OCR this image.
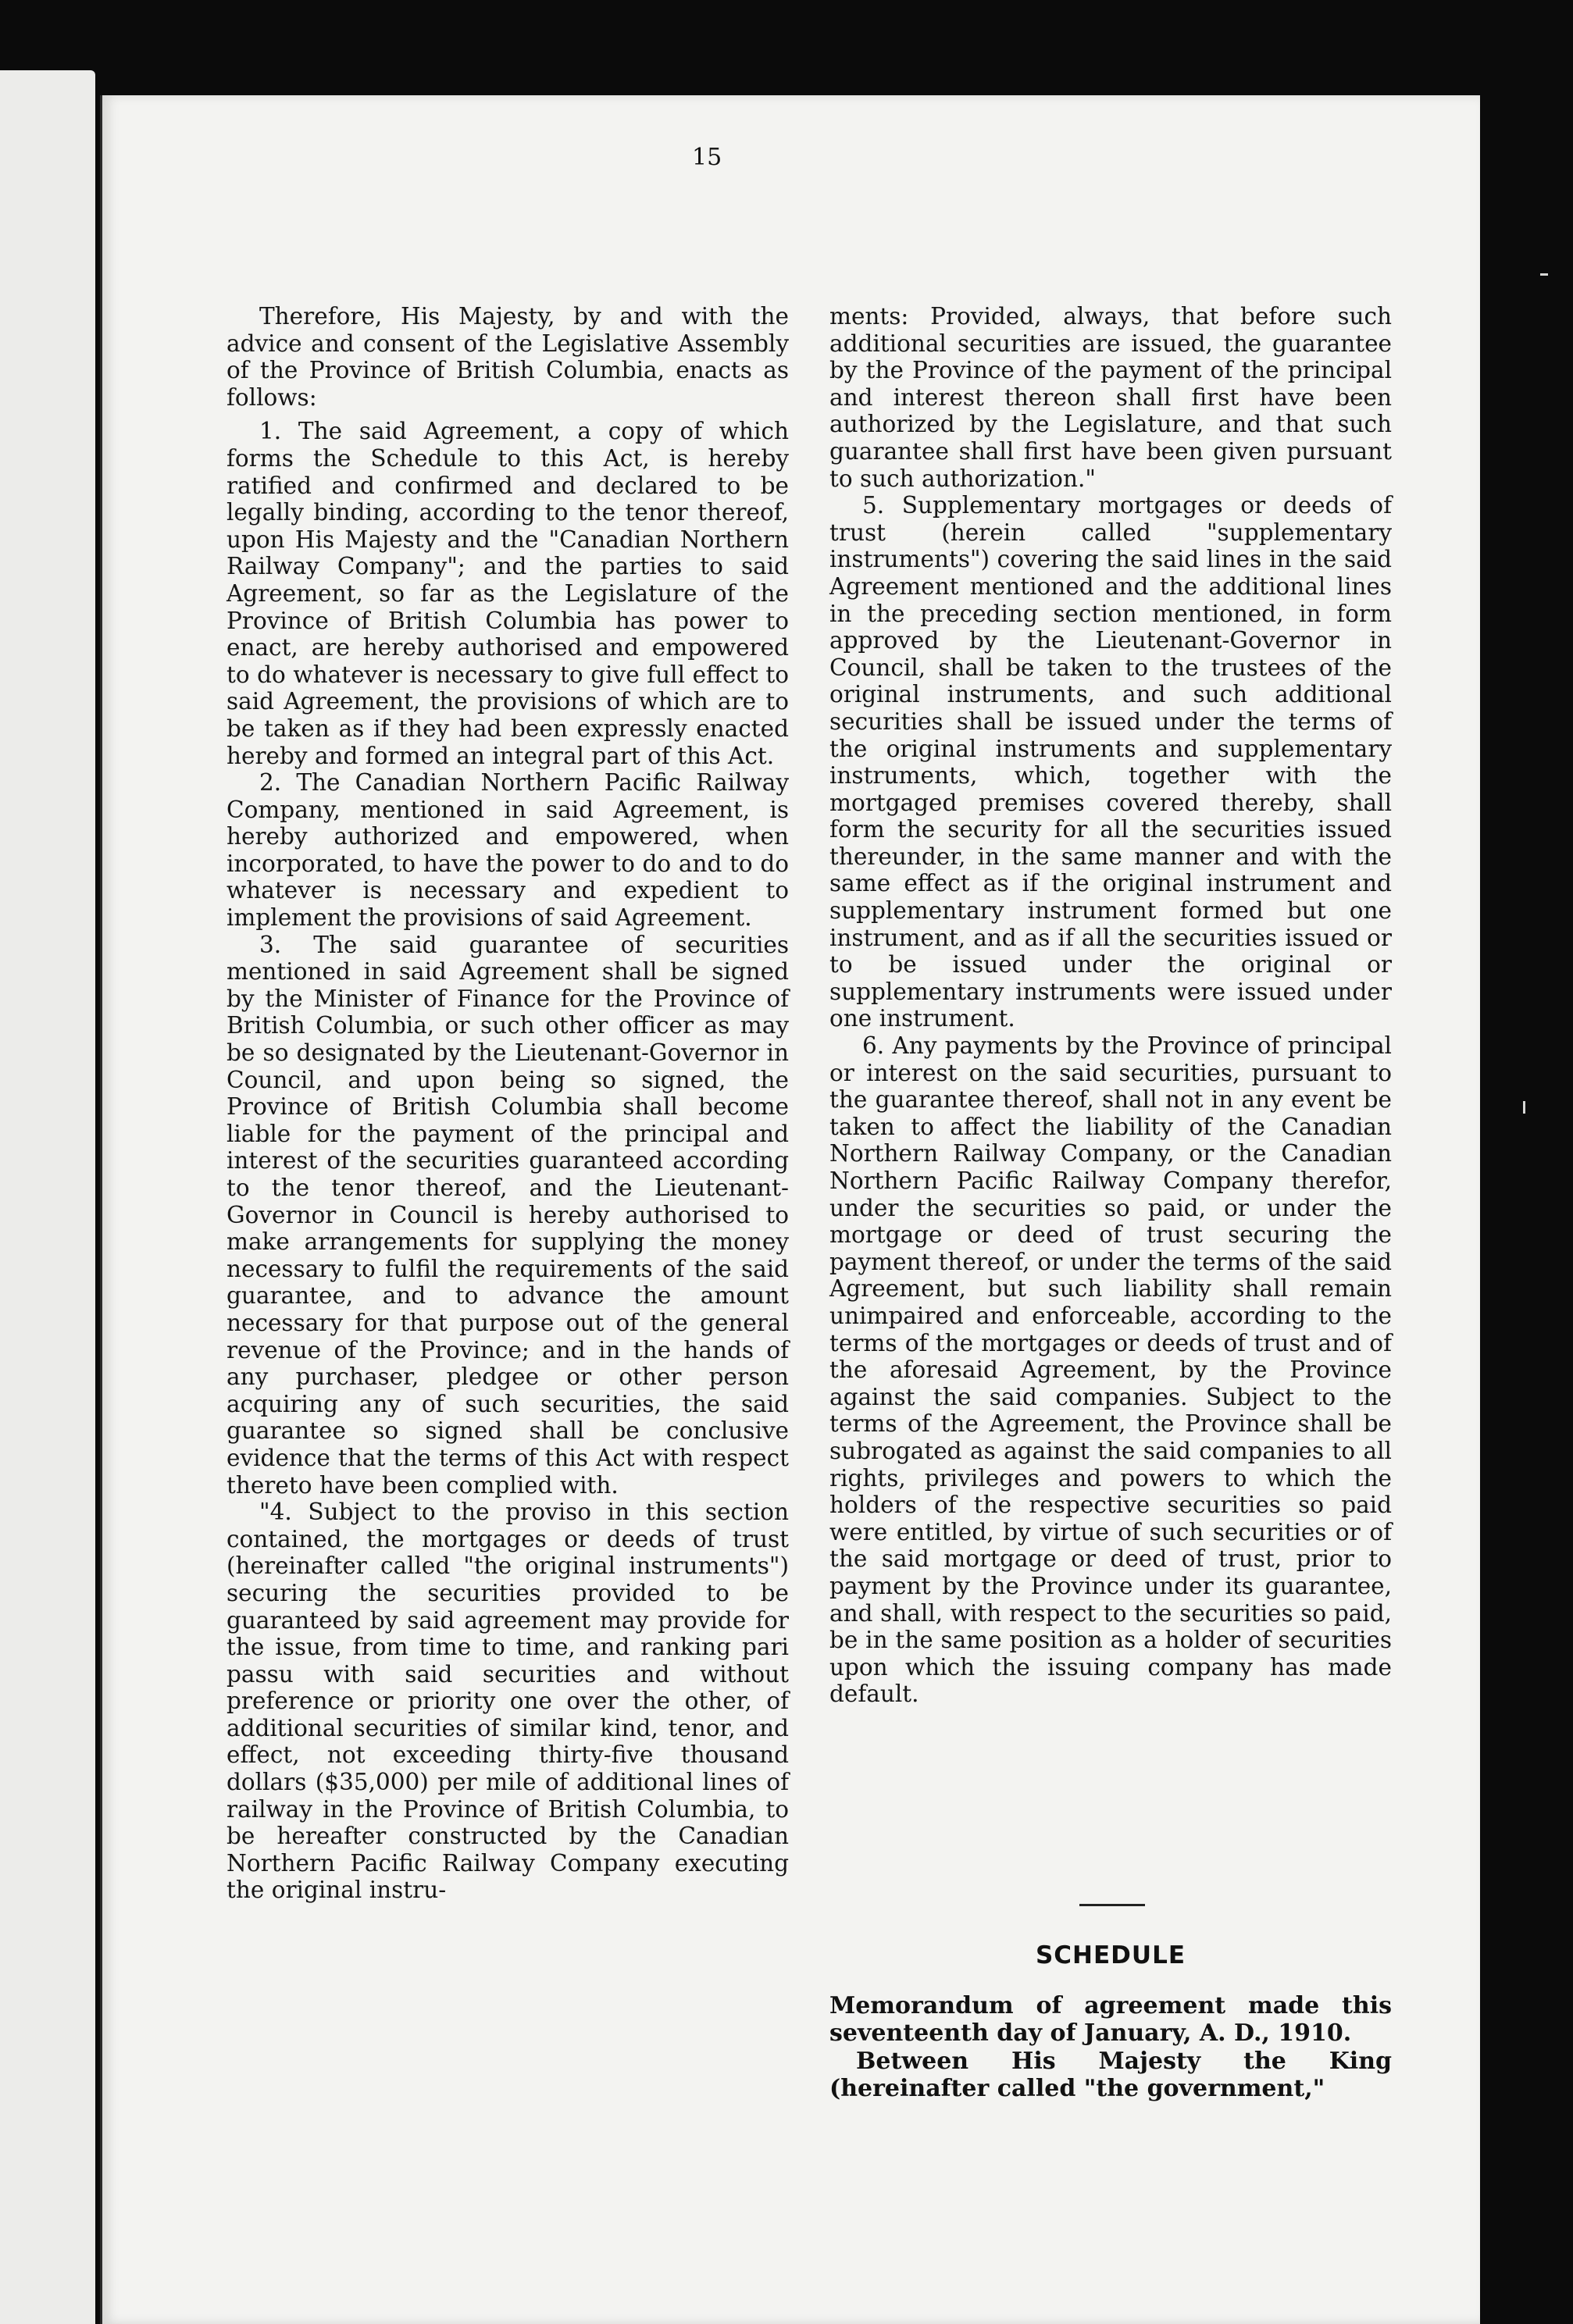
15

Therefore, His Majesty, by and with the advice and consent of the Legislative Assembly of the Province of British Columbia, enacts as follows:

1. The said Agreement, a copy of which forms the Schedule to this Act, is hereby ratified and confirmed and declared to be legally binding, according to the tenor thereof, upon His Majesty and the "Canadian Northern Railway Company"; and the parties to said Agreement, so far as the Legislature of the Province of British Columbia has power to enact, are hereby authorised and empowered to do whatever is necessary to give full effect to said Agreement, the provisions of which are to be taken as if they had been expressly enacted hereby and formed an integral part of this Act.

2. The Canadian Northern Pacific Railway Company, mentioned in said Agreement, is hereby authorized and empowered, when incorporated, to have the power to do and to do whatever is necessary and expedient to implement the provisions of said Agreement.

3. The said guarantee of securities mentioned in said Agreement shall be signed by the Minister of Finance for the Province of British Columbia, or such other officer as may be so designated by the Lieutenant-Governor in Council, and upon being so signed, the Province of British Columbia shall become liable for the payment of the principal and interest of the securities guaranteed according to the tenor thereof, and the Lieutenant-Governor in Council is hereby authorised to make arrangements for supplying the money necessary to fulfil the requirements of the said guarantee, and to advance the amount necessary for that purpose out of the general revenue of the Province; and in the hands of any purchaser, pledgee or other person acquiring any of such securities, the said guarantee so signed shall be conclusive evidence that the terms of this Act with respect thereto have been complied with.

"4. Subject to the proviso in this section contained, the mortgages or deeds of trust (hereinafter called "the original instruments") securing the securities provided to be guaranteed by said agreement may provide for the issue, from time to time, and ranking pari passu with said securities and without preference or priority one over the other, of additional securities of similar kind, tenor, and effect, not exceeding thirty-five thousand dollars ($35,000) per mile of additional lines of railway in the Province of British Columbia, to be hereafter constructed by the Canadian Northern Pacific Railway Company executing the original instru-

ments: Provided, always, that before such additional securities are issued, the guarantee by the Province of the payment of the principal and interest thereon shall first have been authorized by the Legislature, and that such guarantee shall first have been given pursuant to such authorization."

5. Supplementary mortgages or deeds of trust (herein called "supplementary instruments") covering the said lines in the said Agreement mentioned and the additional lines in the preceding section mentioned, in form approved by the Lieutenant-Governor in Council, shall be taken to the trustees of the original instruments, and such additional securities shall be issued under the terms of the original instruments and supplementary instruments, which, together with the mortgaged premises covered thereby, shall form the security for all the securities issued thereunder, in the same manner and with the same effect as if the original instrument and supplementary instrument formed but one instrument, and as if all the securities issued or to be issued under the original or supplementary instruments were issued under one instrument.

6. Any payments by the Province of principal or interest on the said securities, pursuant to the guarantee thereof, shall not in any event be taken to affect the liability of the Canadian Northern Railway Company, or the Canadian Northern Pacific Railway Company therefor, under the securities so paid, or under the mortgage or deed of trust securing the payment thereof, or under the terms of the said Agreement, but such liability shall remain unimpaired and enforceable, according to the terms of the mortgages or deeds of trust and of the aforesaid Agreement, by the Province against the said companies. Subject to the terms of the Agreement, the Province shall be subrogated as against the said companies to all rights, privileges and powers to which the holders of the respective securities so paid were entitled, by virtue of such securities or of the said mortgage or deed of trust, prior to payment by the Province under its guarantee, and shall, with respect to the securities so paid, be in the same position as a holder of securities upon which the issuing company has made default.

SCHEDULE

Memorandum of agreement made this seventeenth day of January, A. D., 1910.

Between His Majesty the King (hereinafter called "the government,"
